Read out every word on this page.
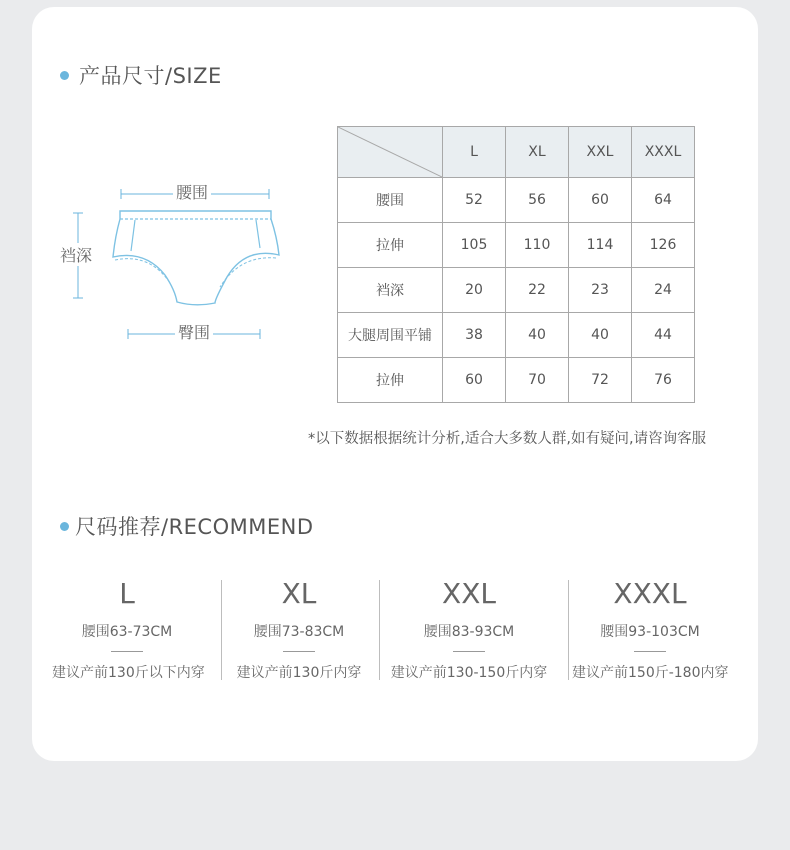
产品尺寸/SIZE
腰围
裆深
臀围
	L	XL	XXL	XXXL
腰围	52	56	60	64
拉伸	105	110	114	126
裆深	20	22	23	24
大腿周围平铺	38	40	40	44
拉伸	60	70	72	76
*以下数据根据统计分析,适合大多数人群,如有疑问,请咨询客服
尺码推荐/RECOMMEND
L
腰围63-73CM
建议产前130斤以下内穿
XL
腰围73-83CM
建议产前130斤内穿
XXL
腰围83-93CM
建议产前130-150斤内穿
XXXL
腰围93-103CM
建议产前150斤-180内穿
